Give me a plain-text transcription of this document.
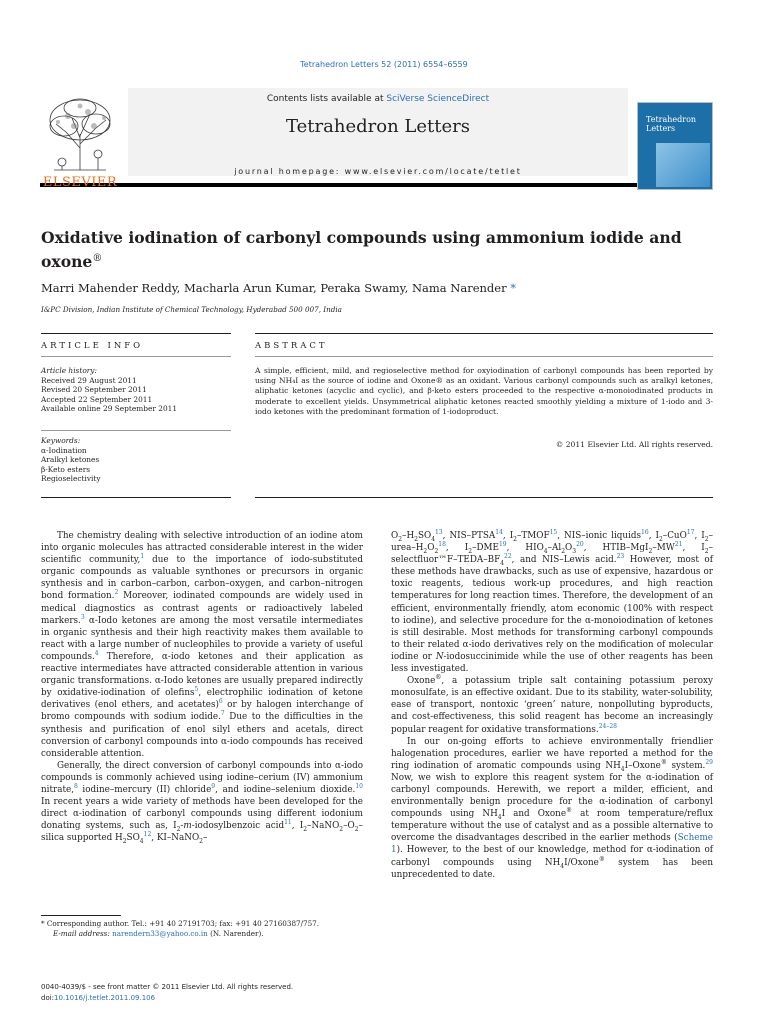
Tetrahedron Letters 52 (2011) 6554–6559
ELSEVIER
Contents lists available at SciVerse ScienceDirect
Tetrahedron Letters
journal homepage: www.elsevier.com/locate/tetlet
Tetrahedron
Letters
Oxidative iodination of carbonyl compounds using ammonium iodide and oxone®
Marri Mahender Reddy, Macharla Arun Kumar, Peraka Swamy, Nama Narender *
I&PC Division, Indian Institute of Chemical Technology, Hyderabad 500 007, India
ARTICLE INFO	ABSTRACT
Article history:
Received 29 August 2011
Revised 20 September 2011
Accepted 22 September 2011
Available online 29 September 2011
Keywords:
α-Iodination
Aralkyl ketones
β-Keto esters
Regioselectivity
A simple, efficient, mild, and regioselective method for oxyiodination of carbonyl compounds has been reported by using NH₄I as the source of iodine and Oxone® as an oxidant. Various carbonyl compounds such as aralkyl ketones, aliphatic ketones (acyclic and cyclic), and β-keto esters proceeded to the respective α-monoiodinated products in moderate to excellent yields. Unsymmetrical aliphatic ketones reacted smoothly yielding a mixture of 1-iodo and 3-iodo ketones with the predominant formation of 1-iodoproduct.
© 2011 Elsevier Ltd. All rights reserved.

The chemistry dealing with selective introduction of an iodine atom into organic molecules has attracted considerable interest in the wider scientific community,$^1$ due to the importance of iodo-substituted organic compounds as valuable synthones or precursors in organic synthesis and in carbon–carbon, carbon–oxygen, and carbon–nitrogen bond formation.$^2$ Moreover, iodinated compounds are widely used in medical diagnostics as contrast agents or radioactively labeled markers.$^3$ α-Iodo ketones are among the most versatile intermediates in organic synthesis and their high reactivity makes them available to react with a large number of nucleophiles to provide a variety of useful compounds.$^4$ Therefore, α-iodo ketones and their application as reactive intermediates have attracted considerable attention in various organic transformations. α-Iodo ketones are usually prepared indirectly by oxidative-iodination of olefins$^5$, electrophilic iodination of ketone derivatives (enol ethers, and acetates)$^6$ or by halogen interchange of bromo compounds with sodium iodide.$^7$ Due to the difficulties in the synthesis and purification of enol silyl ethers and acetals, direct conversion of carbonyl compounds into α-iodo compounds has received considerable attention.

Generally, the direct conversion of carbonyl compounds into α-iodo compounds is commonly achieved using iodine–cerium (IV) ammonium nitrate,$^8$ iodine–mercury (II) chloride$^9$, and iodine–selenium dioxide.$^{10}$ In recent years a wide variety of methods have been developed for the direct α-iodination of carbonyl compounds using different iodonium donating systems, such as, $I_2-m$-iodosylbenzoic acid$^{11}$, $I_2-NaNO_2-O_2$–silica supported $H_2SO_4^{12}$, KI–NaNO$_2$–

$O_2-H_2SO_4^{13}$, NIS–PTSA$^{14}$, $I_2-TMOF^{15}$, NIS–ionic liquids$^{16}$, $I_2-CuO^{17}$, $I_2-urea-H_2O_2^{18}$, $I_2-DME^{19}$, $HIO_4-Al_2O_3^{20}$, HTIB–MgI$_2$–MW$^{21}$, $I_2-selectfluor™F-TEDA-BF_4^{22}$, and NIS–Lewis acid.$^{23}$ However, most of these methods have drawbacks, such as use of expensive, hazardous or toxic reagents, tedious work-up procedures, and high reaction temperatures for long reaction times. Therefore, the development of an efficient, environmentally friendly, atom economic (100% with respect to iodine), and selective procedure for the α-monoiodination of ketones is still desirable. Most methods for transforming carbonyl compounds to their related α-iodo derivatives rely on the modification of molecular iodine or N-iodosuccinimide while the use of other reagents has been less investigated.

Oxone®, a potassium triple salt containing potassium peroxy monosulfate, is an effective oxidant. Due to its stability, water-solubility, ease of transport, nontoxic ‘green’ nature, nonpolluting byproducts, and cost-effectiveness, this solid reagent has become an increasingly popular reagent for oxidative transformations.$^{24-28}$

In our on-going efforts to achieve environmentally friendlier halogenation procedures, earlier we have reported a method for the ring iodination of aromatic compounds using $NH_4I-Oxone®$ system.$^{29}$ Now, we wish to explore this reagent system for the α-iodination of carbonyl compounds. Herewith, we report a milder, efficient, and environmentally benign procedure for the α-iodination of carbonyl compounds using $NH_4I$ and Oxone® at room temperature/reflux temperature without the use of catalyst and as a possible alternative to overcome the disadvantages described in the earlier methods (Scheme 1). However, to the best of our knowledge, method for α-iodination of carbonyl compounds using $NH_4I/Oxone®$ system has been unprecedented to date.

* Corresponding author. Tel.: +91 40 27191703; fax: +91 40 27160387/757.
E-mail address: narendern33@yahoo.co.in (N. Narender).
0040-4039/$ - see front matter © 2011 Elsevier Ltd. All rights reserved.
doi:10.1016/j.tetlet.2011.09.106
